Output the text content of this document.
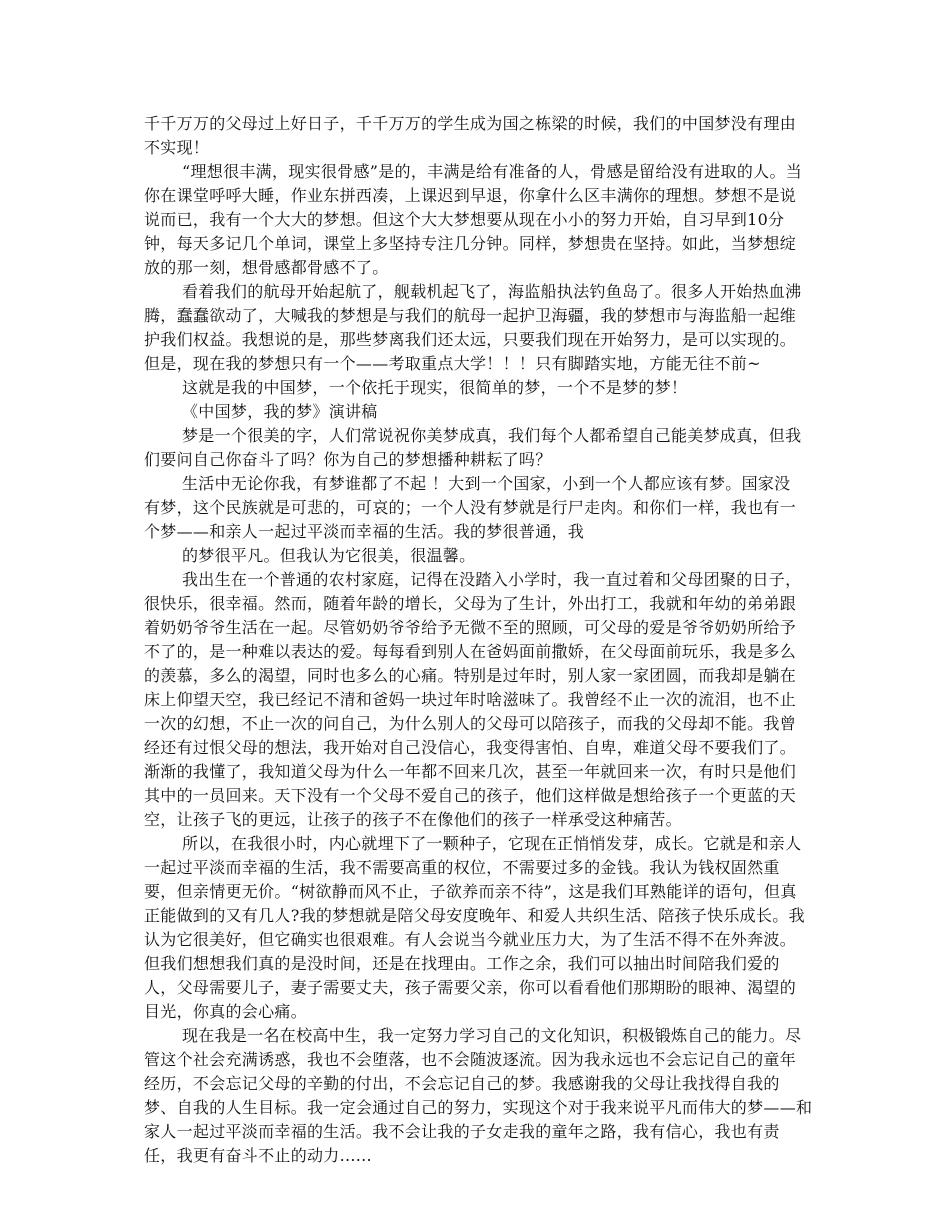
千千万万的父母过上好日子，千千万万的学生成为国之栋梁的时候，我们的中国梦没有理由
不实现！
“理想很丰满，现实很骨感”是的，丰满是给有准备的人，骨感是留给没有进取的人。当
你在课堂呼呼大睡，作业东拼西凑，上课迟到早退，你拿什么区丰满你的理想。梦想不是说
说而已，我有一个大大的梦想。但这个大大梦想要从现在小小的努力开始，自习早到10分
钟，每天多记几个单词，课堂上多坚持专注几分钟。同样，梦想贵在坚持。如此，当梦想绽
放的那一刻，想骨感都骨感不了。
看着我们的航母开始起航了，舰载机起飞了，海监船执法钓鱼岛了。很多人开始热血沸
腾，蠢蠢欲动了，大喊我的梦想是与我们的航母一起护卫海疆，我的梦想市与海监船一起维
护我们权益。我想说的是，那些梦离我们还太远，只要我们现在开始努力，是可以实现的。
但是，现在我的梦想只有一个——考取重点大学！！！只有脚踏实地，方能无往不前~
这就是我的中国梦，一个依托于现实，很简单的梦，一个不是梦的梦！
《中国梦，我的梦》演讲稿
梦是一个很美的字，人们常说祝你美梦成真，我们每个人都希望自己能美梦成真，但我
们要问自己你奋斗了吗？你为自己的梦想播种耕耘了吗？
生活中无论你我，有梦谁都了不起 ！大到一个国家，小到一个人都应该有梦。国家没
有梦，这个民族就是可悲的，可哀的；一个人没有梦就是行尸走肉。和你们一样，我也有一
个梦——和亲人一起过平淡而幸福的生活。我的梦很普通，我
的梦很平凡。但我认为它很美，很温馨。
我出生在一个普通的农村家庭，记得在没踏入小学时，我一直过着和父母团聚的日子，
很快乐，很幸福。然而，随着年龄的增长，父母为了生计，外出打工，我就和年幼的弟弟跟
着奶奶爷爷生活在一起。尽管奶奶爷爷给予无微不至的照顾，可父母的爱是爷爷奶奶所给予
不了的，是一种难以表达的爱。每每看到别人在爸妈面前撒娇，在父母面前玩乐，我是多么
的羡慕，多么的渴望，同时也多么的心痛。特别是过年时，别人家一家团圆，而我却是躺在
床上仰望天空，我已经记不清和爸妈一块过年时啥滋味了。我曾经不止一次的流泪，也不止
一次的幻想，不止一次的问自己，为什么别人的父母可以陪孩子，而我的父母却不能。我曾
经还有过恨父母的想法，我开始对自己没信心，我变得害怕、自卑，难道父母不要我们了。
渐渐的我懂了，我知道父母为什么一年都不回来几次，甚至一年就回来一次，有时只是他们
其中的一员回来。天下没有一个父母不爱自己的孩子，他们这样做是想给孩子一个更蓝的天
空，让孩子飞的更远，让孩子的孩子不在像他们的孩子一样承受这种痛苦。
所以，在我很小时，内心就埋下了一颗种子，它现在正悄悄发芽，成长。它就是和亲人
一起过平淡而幸福的生活，我不需要高重的权位，不需要过多的金钱。我认为钱权固然重
要，但亲情更无价。“树欲静而风不止，子欲养而亲不待”，这是我们耳熟能详的语句，但真
正能做到的又有几人?我的梦想就是陪父母安度晚年、和爱人共织生活、陪孩子快乐成长。我
认为它很美好，但它确实也很艰难。有人会说当今就业压力大，为了生活不得不在外奔波。
但我们想想我们真的是没时间，还是在找理由。工作之余，我们可以抽出时间陪我们爱的
人，父母需要儿子，妻子需要丈夫，孩子需要父亲，你可以看看他们那期盼的眼神、渴望的
目光，你真的会心痛。
现在我是一名在校高中生，我一定努力学习自己的文化知识，积极锻炼自己的能力。尽
管这个社会充满诱惑，我也不会堕落，也不会随波逐流。因为我永远也不会忘记自己的童年
经历，不会忘记父母的辛勤的付出，不会忘记自己的梦。我感谢我的父母让我找得自我的
梦、自我的人生目标。我一定会通过自己的努力，实现这个对于我来说平凡而伟大的梦——和
家人一起过平淡而幸福的生活。我不会让我的子女走我的童年之路，我有信心，我也有责
任，我更有奋斗不止的动力......
